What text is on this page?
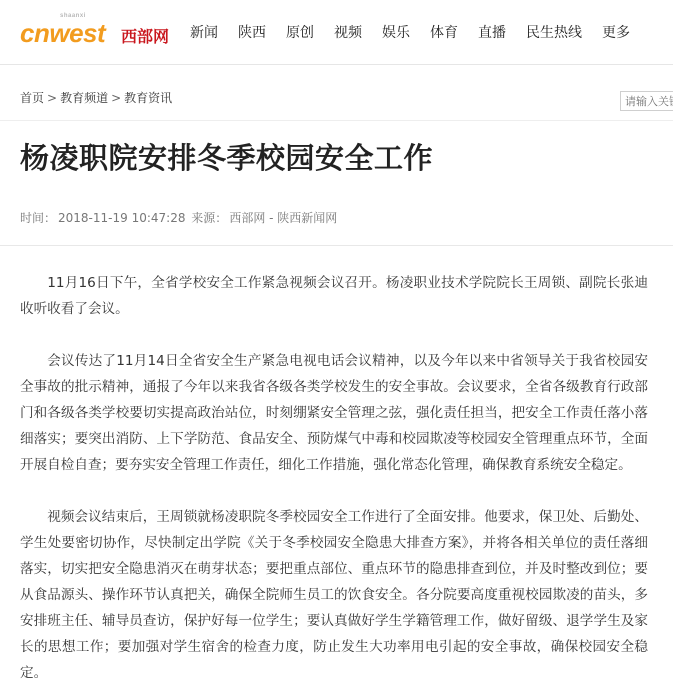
shaanxi
cnwest 西部网 新闻 陕西 原创 视频 娱乐 体育 直播 民生热线 更多
首页 > 教育频道 > 教育资讯
请输入关键
杨凌职院安排冬季校园安全工作
时间： 2018-11-19 10:47:28 来源： 西部网 - 陕西新闻网

11月16日下午，全省学校安全工作紧急视频会议召开。杨凌职业技术学院院长王周锁、副院长张迪收听收看了会议。

会议传达了11月14日全省安全生产紧急电视电话会议精神，以及今年以来中省领导关于我省校园安全事故的批示精神，通报了今年以来我省各级各类学校发生的安全事故。会议要求，全省各级教育行政部门和各级各类学校要切实提高政治站位，时刻绷紧安全管理之弦，强化责任担当，把安全工作责任落小落细落实；要突出消防、上下学防范、食品安全、预防煤气中毒和校园欺凌等校园安全管理重点环节，全面开展自检自查；要夯实安全管理工作责任，细化工作措施，强化常态化管理，确保教育系统安全稳定。

视频会议结束后，王周锁就杨凌职院冬季校园安全工作进行了全面安排。他要求，保卫处、后勤处、学生处要密切协作，尽快制定出学院《关于冬季校园安全隐患大排查方案》，并将各相关单位的责任落细落实，切实把安全隐患消灭在萌芽状态；要把重点部位、重点环节的隐患排查到位，并及时整改到位；要从食品源头、操作环节认真把关，确保全院师生员工的饮食安全。各分院要高度重视校园欺凌的苗头，多安排班主任、辅导员查访，保护好每一位学生；要认真做好学生学籍管理工作，做好留级、退学学生及家长的思想工作；要加强对学生宿舍的检查力度，防止发生大功率用电引起的安全事故，确保校园安全稳定。
